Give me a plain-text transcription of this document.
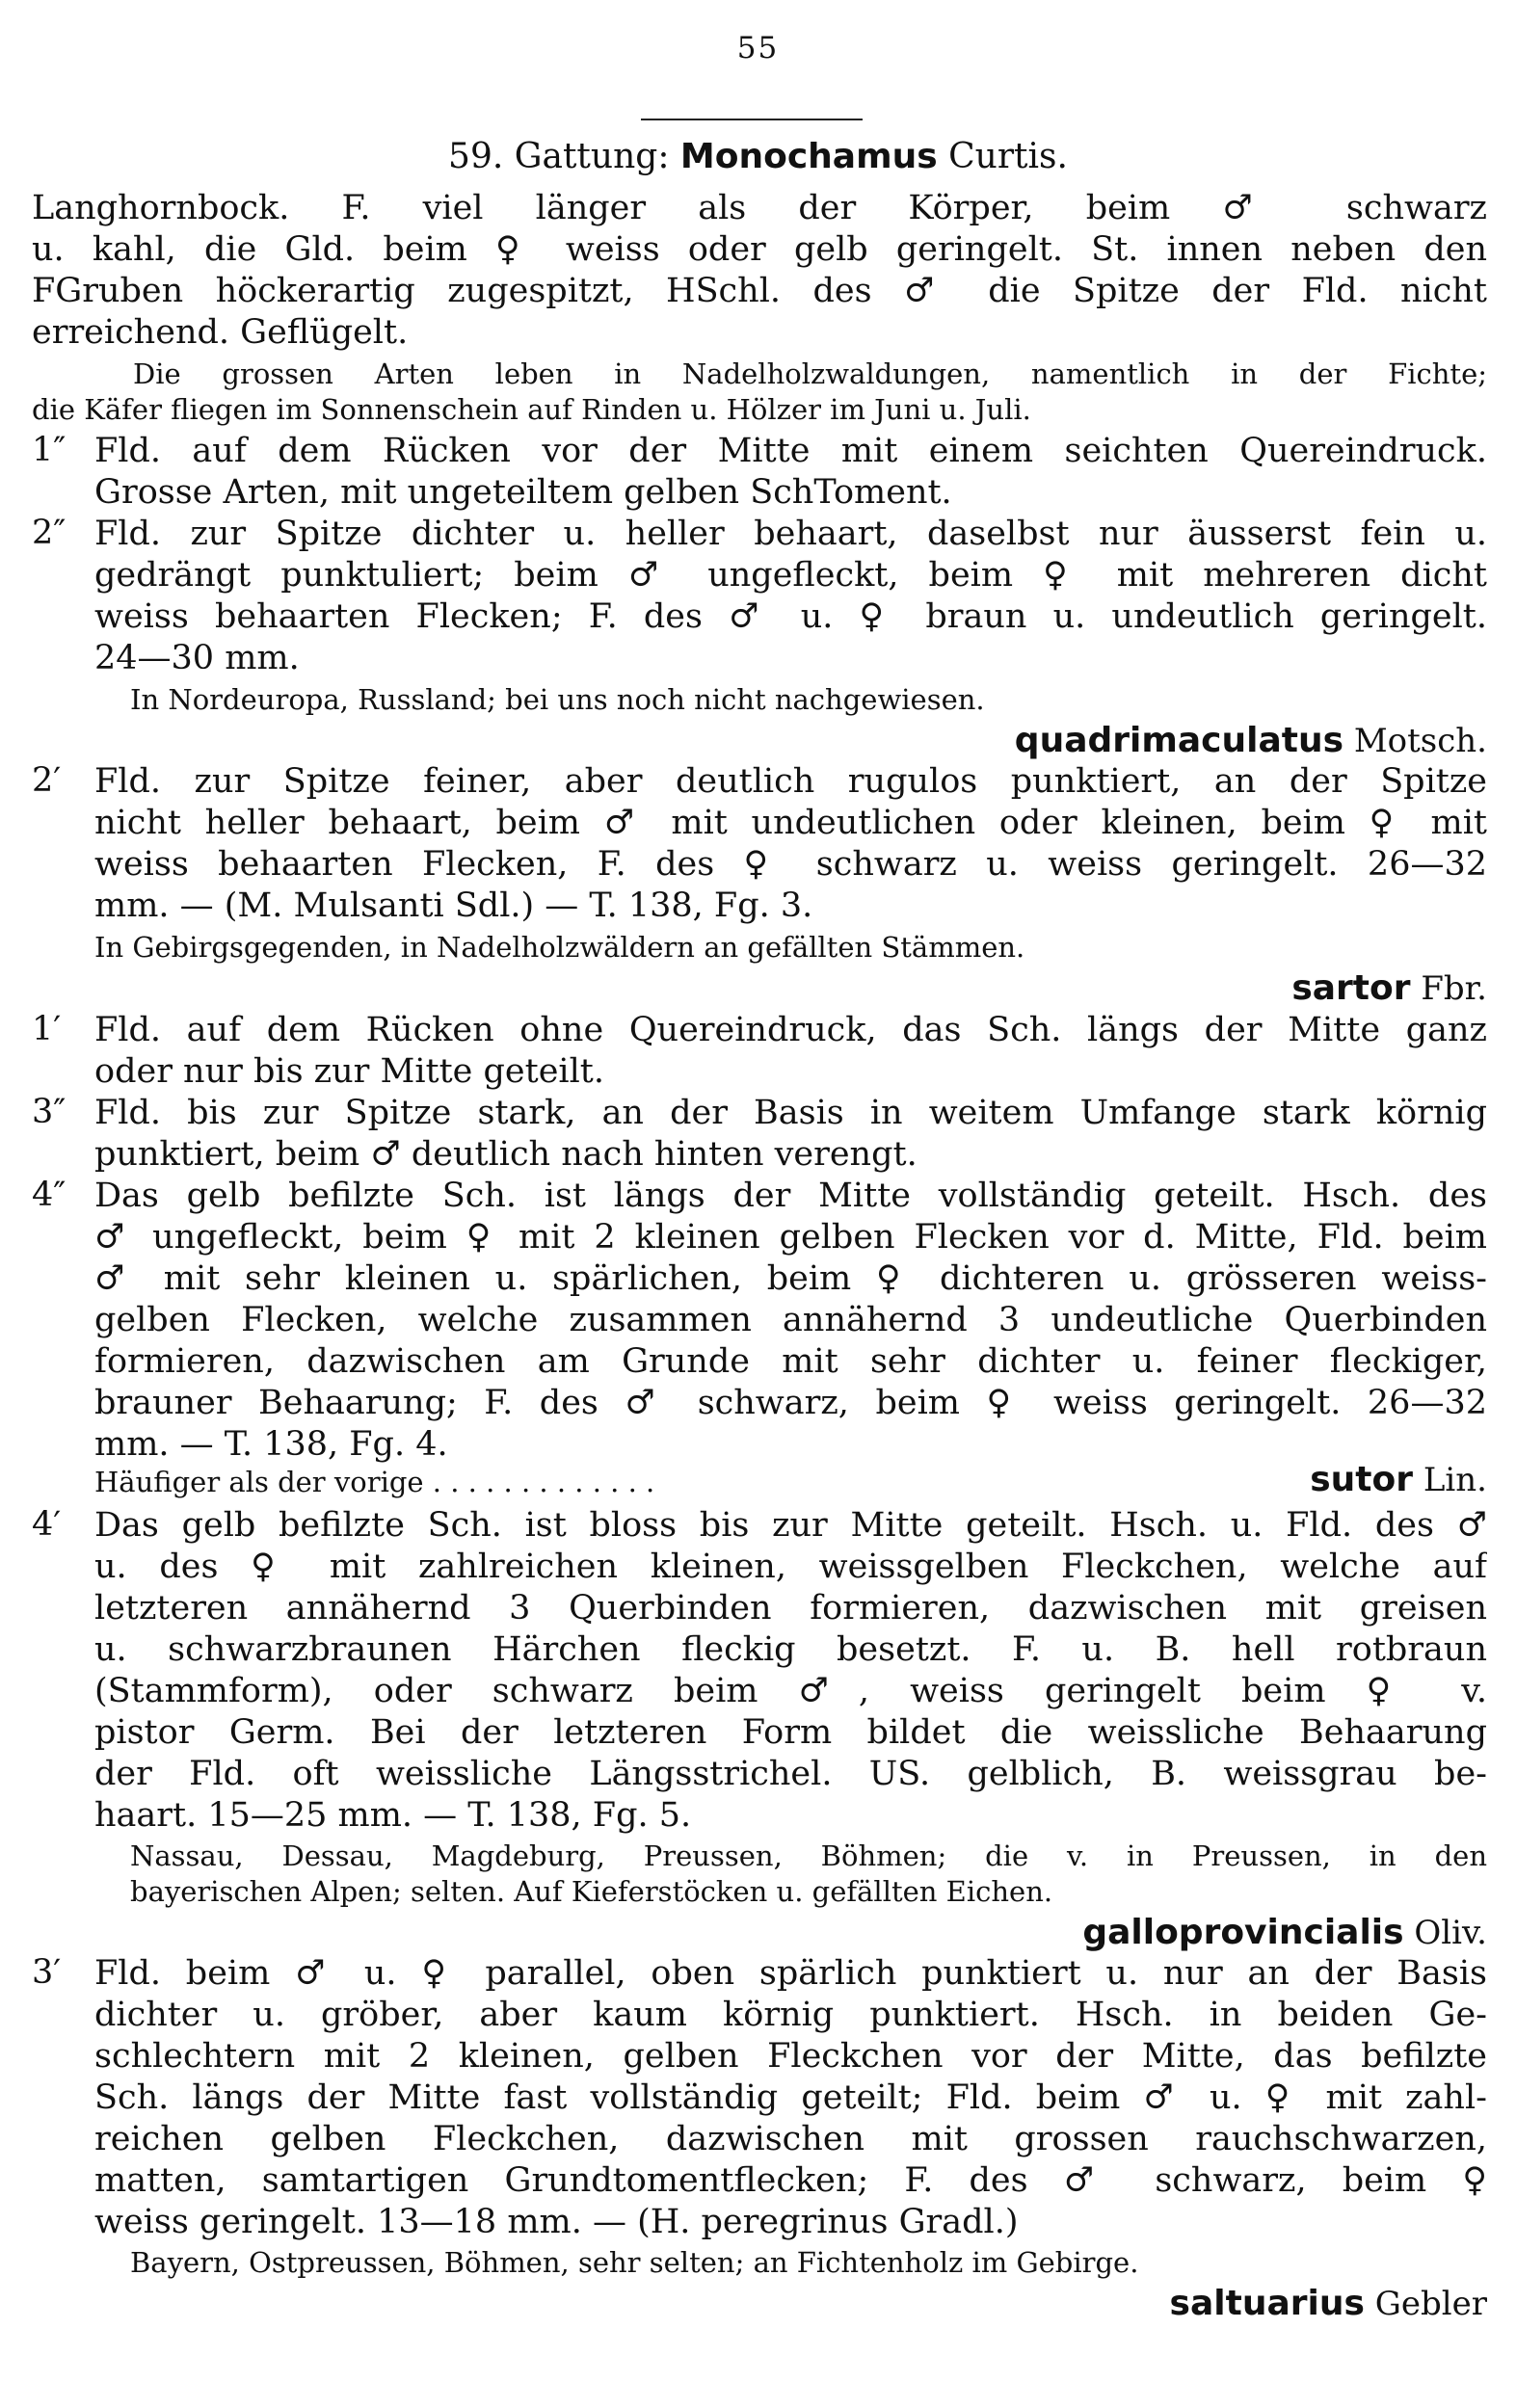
55
59. Gattung: Monochamus Curtis.
Langhornbock. F. viel länger als der Körper, beim ♂ schwarz
u. kahl, die Gld. beim ♀ weiss oder gelb geringelt. St. innen neben den
FGruben höckerartig zugespitzt, HSchl. des ♂ die Spitze der Fld. nicht
erreichend. Geflügelt.
Die grossen Arten leben in Nadelholzwaldungen, namentlich in der Fichte;
die Käfer fliegen im Sonnenschein auf Rinden u. Hölzer im Juni u. Juli.
1″ Fld. auf dem Rücken vor der Mitte mit einem seichten Quereindruck.
Grosse Arten, mit ungeteiltem gelben SchToment.
2″ Fld. zur Spitze dichter u. heller behaart, daselbst nur äusserst fein u.
gedrängt punktuliert; beim ♂ ungefleckt, beim ♀ mit mehreren dicht
weiss behaarten Flecken; F. des ♂ u. ♀ braun u. undeutlich geringelt.
24—30 mm.
In Nordeuropa, Russland; bei uns noch nicht nachgewiesen.
quadrimaculatus Motsch.
2′ Fld. zur Spitze feiner, aber deutlich rugulos punktiert, an der Spitze
nicht heller behaart, beim ♂ mit undeutlichen oder kleinen, beim ♀ mit
weiss behaarten Flecken, F. des ♀ schwarz u. weiss geringelt. 26—32
mm. — (M. Mulsanti Sdl.) — T. 138, Fg. 3.
In Gebirgsgegenden, in Nadelholzwäldern an gefällten Stämmen.
sartor Fbr.
1′ Fld. auf dem Rücken ohne Quereindruck, das Sch. längs der Mitte ganz
oder nur bis zur Mitte geteilt.
3″ Fld. bis zur Spitze stark, an der Basis in weitem Umfange stark körnig
punktiert, beim ♂ deutlich nach hinten verengt.
4″ Das gelb befilzte Sch. ist längs der Mitte vollständig geteilt. Hsch. des
♂ ungefleckt, beim ♀ mit 2 kleinen gelben Flecken vor d. Mitte, Fld. beim
♂ mit sehr kleinen u. spärlichen, beim ♀ dichteren u. grösseren weiss-
gelben Flecken, welche zusammen annähernd 3 undeutliche Querbinden
formieren, dazwischen am Grunde mit sehr dichter u. feiner fleckiger,
brauner Behaarung; F. des ♂ schwarz, beim ♀ weiss geringelt. 26—32
mm. — T. 138, Fg. 4.
Häufiger als der vorige . . . . . . . . . . . . .	sutor Lin.
4′ Das gelb befilzte Sch. ist bloss bis zur Mitte geteilt. Hsch. u. Fld. des ♂
u. des ♀ mit zahlreichen kleinen, weissgelben Fleckchen, welche auf
letzteren annähernd 3 Querbinden formieren, dazwischen mit greisen
u. schwarzbraunen Härchen fleckig besetzt. F. u. B. hell rotbraun
(Stammform), oder schwarz beim ♂, weiss geringelt beim ♀ v.
pistor Germ. Bei der letzteren Form bildet die weissliche Behaarung
der Fld. oft weissliche Längsstrichel. US. gelblich, B. weissgrau be-
haart. 15—25 mm. — T. 138, Fg. 5.
Nassau, Dessau, Magdeburg, Preussen, Böhmen; die v. in Preussen, in den
bayerischen Alpen; selten. Auf Kieferstöcken u. gefällten Eichen.
galloprovincialis Oliv.
3′ Fld. beim ♂ u. ♀ parallel, oben spärlich punktiert u. nur an der Basis
dichter u. gröber, aber kaum körnig punktiert. Hsch. in beiden Ge-
schlechtern mit 2 kleinen, gelben Fleckchen vor der Mitte, das befilzte
Sch. längs der Mitte fast vollständig geteilt; Fld. beim ♂ u. ♀ mit zahl-
reichen gelben Fleckchen, dazwischen mit grossen rauchschwarzen,
matten, samtartigen Grundtomentflecken; F. des ♂ schwarz, beim ♀
weiss geringelt. 13—18 mm. — (H. peregrinus Gradl.)
Bayern, Ostpreussen, Böhmen, sehr selten; an Fichtenholz im Gebirge.
saltuarius Gebler
